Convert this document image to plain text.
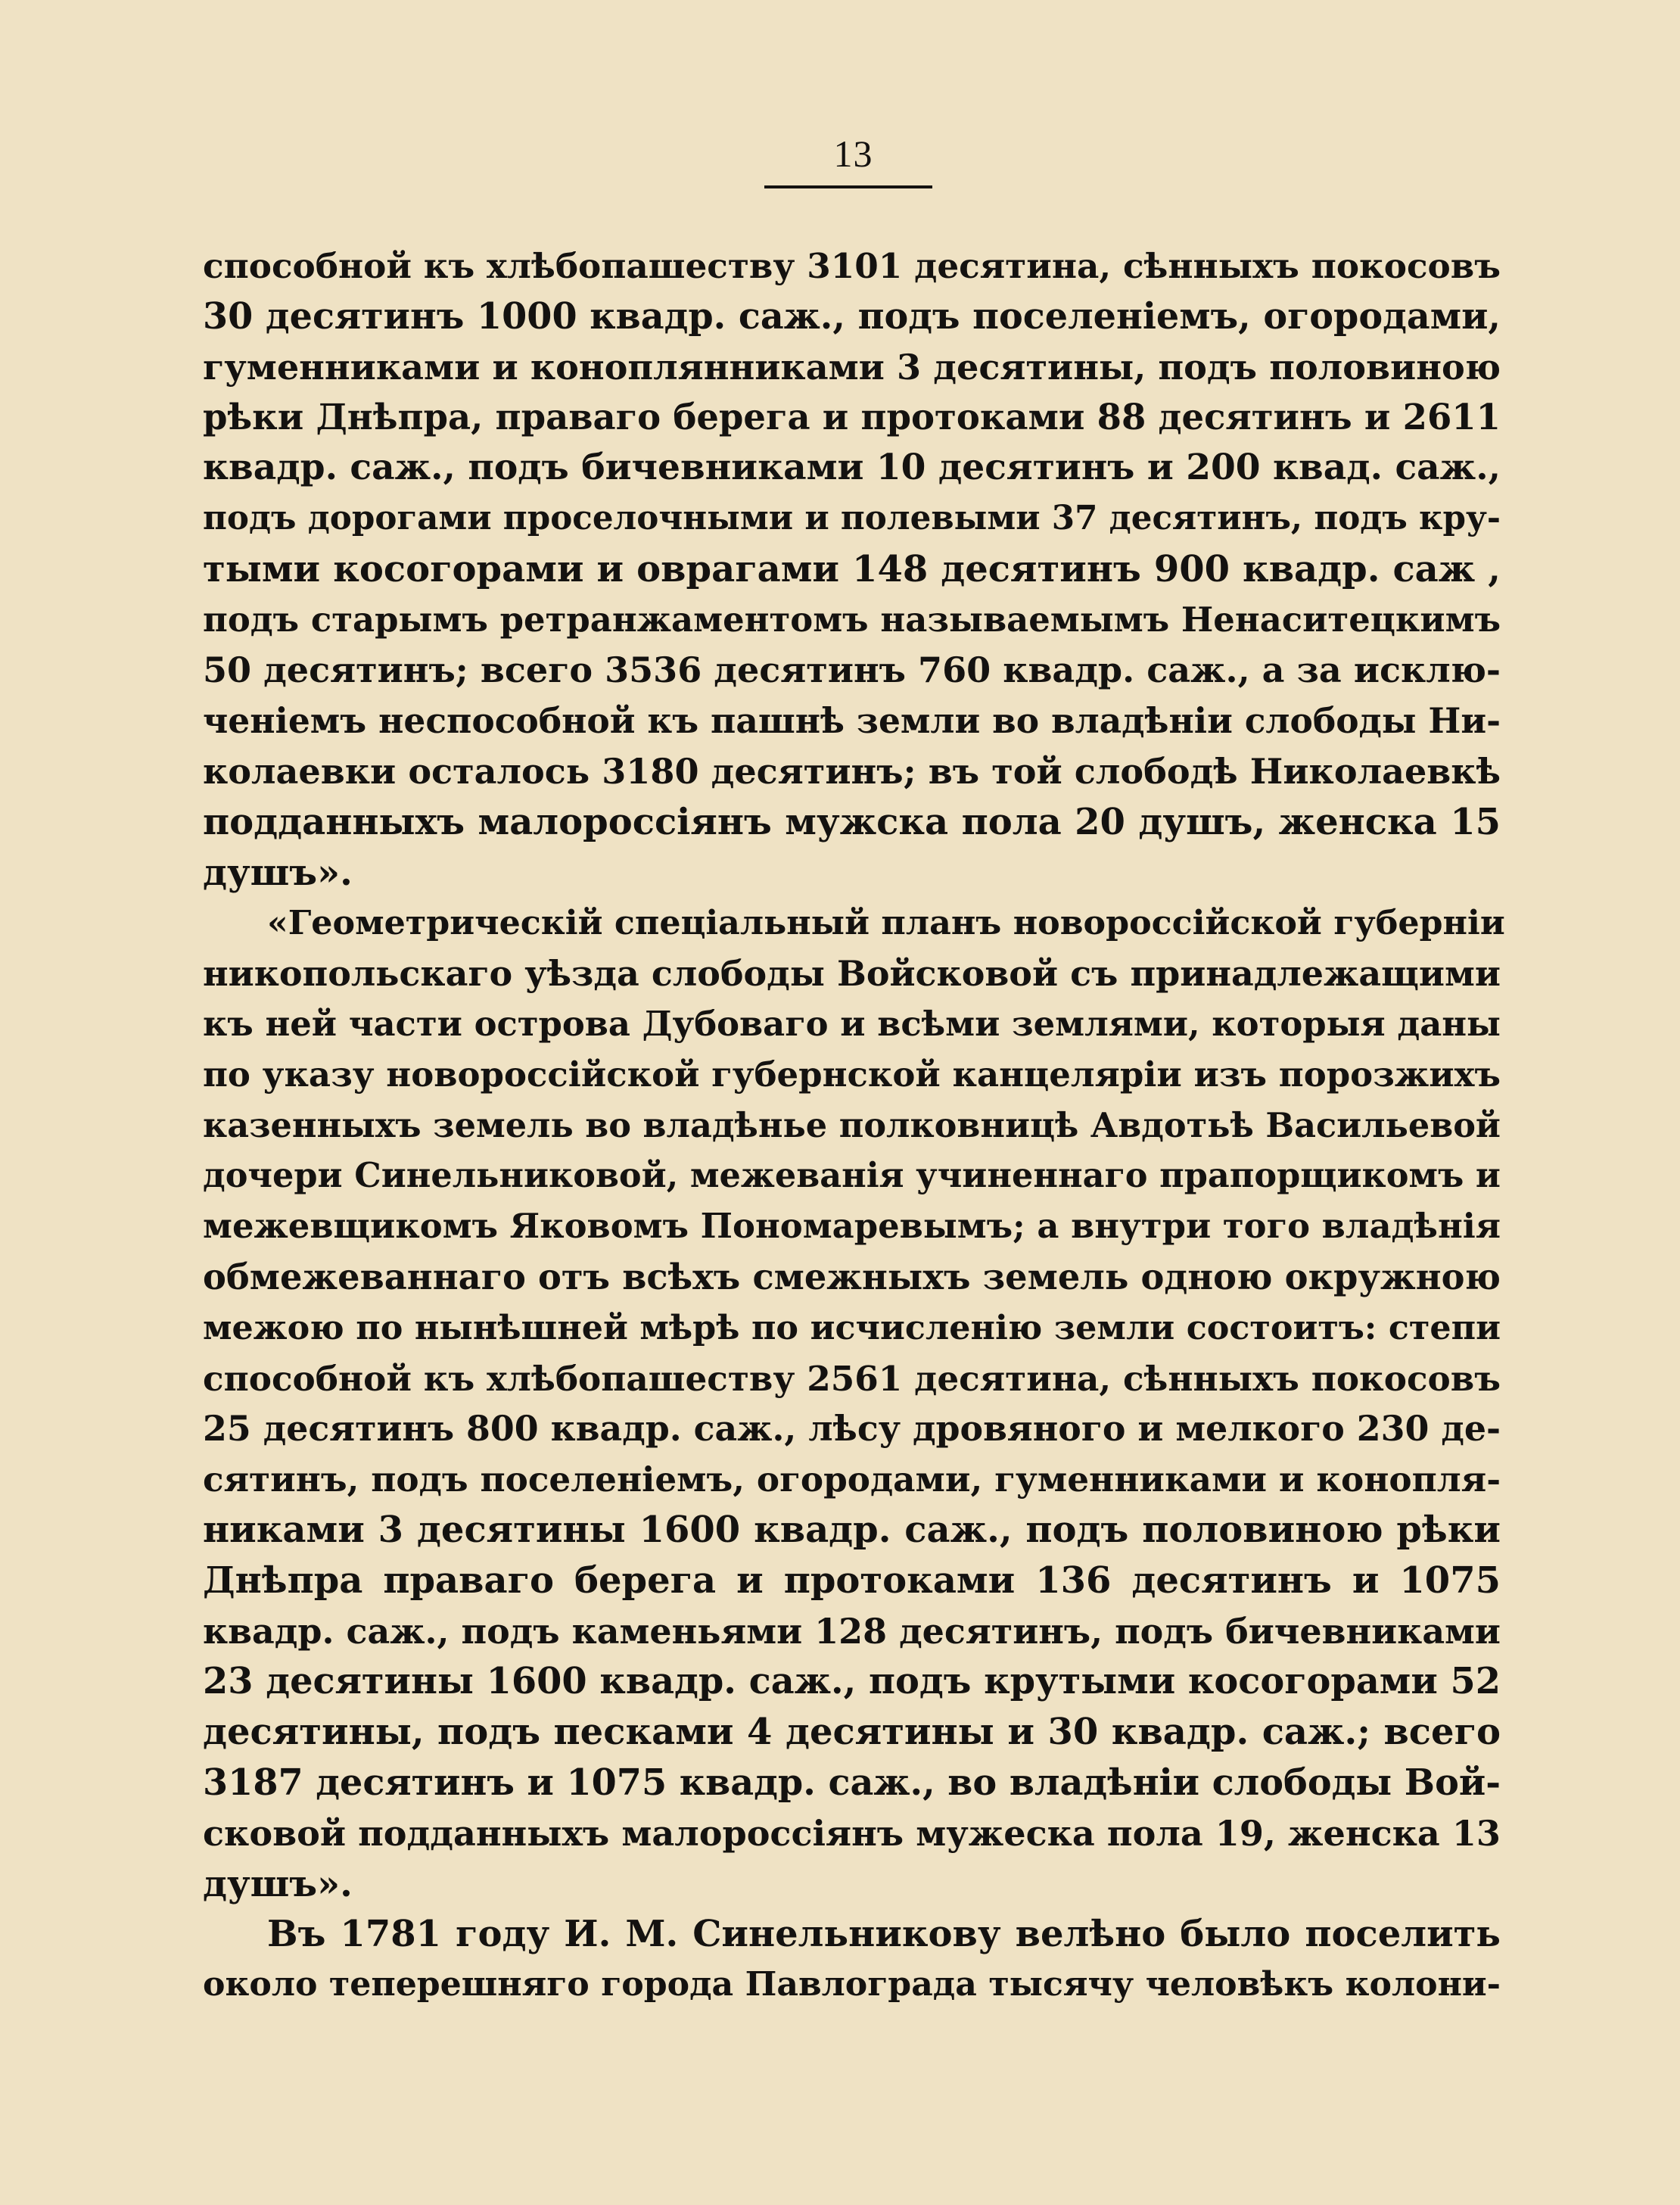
13
способной къ хлѣбопашеству 3101 десятина, сѣнныхъ покосовъ
30 десятинъ 1000 квадр. саж., подъ поселеніемъ, огородами,
гуменниками и коноплянниками 3 десятины, подъ половиною
рѣки Днѣпра, праваго берега и протоками 88 десятинъ и 2611
квадр. саж., подъ бичевниками 10 десятинъ и 200 квад. саж.,
подъ дорогами проселочными и полевыми 37 десятинъ, подъ кру-
тыми косогорами и оврагами 148 десятинъ 900 квадр. саж ,
подъ старымъ ретранжаментомъ называемымъ Ненаситецкимъ
50 десятинъ; всего 3536 десятинъ 760 квадр. саж., а за исклю-
ченіемъ неспособной къ пашнѣ земли во владѣніи слободы Ни-
колаевки осталось 3180 десятинъ; въ той слободѣ Николаевкѣ
подданныхъ малороссіянъ мужска пола 20 душъ, женска 15
душъ».
«Геометрическій спеціальный планъ новороссійской губерніи
никопольскаго уѣзда слободы Войсковой съ принадлежащими
къ ней части острова Дубоваго и всѣми землями, которыя даны
по указу новороссійской губернской канцеляріи изъ порозжихъ
казенныхъ земель во владѣнье полковницѣ Авдотьѣ Васильевой
дочери Синельниковой, межеванія учиненнаго прапорщикомъ и
межевщикомъ Яковомъ Пономаревымъ; а внутри того владѣнія
обмежеваннаго отъ всѣхъ смежныхъ земель одною окружною
межою по нынѣшней мѣрѣ по исчисленію земли состоитъ: степи
способной къ хлѣбопашеству 2561 десятина, сѣнныхъ покосовъ
25 десятинъ 800 квадр. саж., лѣсу дровяного и мелкого 230 де-
сятинъ, подъ поселеніемъ, огородами, гуменниками и конопля-
никами 3 десятины 1600 квадр. саж., подъ половиною рѣки
Днѣпра праваго берега и протоками 136 десятинъ и 1075
квадр. саж., подъ каменьями 128 десятинъ, подъ бичевниками
23 десятины 1600 квадр. саж., подъ крутыми косогорами 52
десятины, подъ песками 4 десятины и 30 квадр. саж.; всего
3187 десятинъ и 1075 квадр. саж., во владѣніи слободы Вой-
сковой подданныхъ малороссіянъ мужеска пола 19, женска 13
душъ».
Въ 1781 году И. М. Синельникову велѣно было поселить
около теперешняго города Павлограда тысячу человѣкъ колони-
